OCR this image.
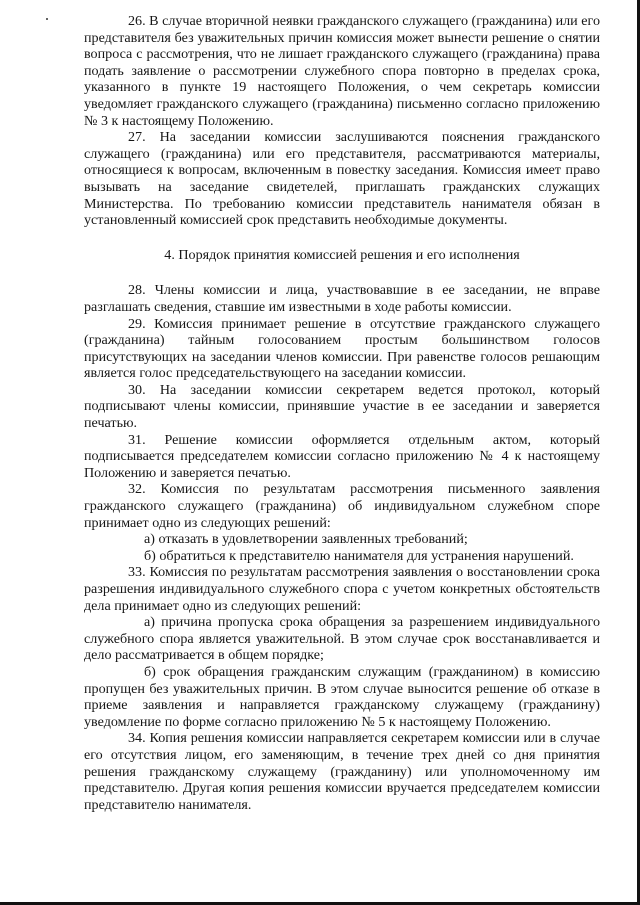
26. В случае вторичной неявки гражданского служащего (гражданина) или его представителя без уважительных причин комиссия может вынести решение о снятии вопроса с рассмотрения, что не лишает гражданского служащего (гражданина) права подать заявление о рассмотрении служебного спора повторно в пределах срока, указанного в пункте 19 настоящего Положения, о чем секретарь комиссии уведомляет гражданского служащего (гражданина) письменно согласно приложению № 3 к настоящему Положению.

27. На заседании комиссии заслушиваются пояснения гражданского служащего (гражданина) или его представителя, рассматриваются материалы, относящиеся к вопросам, включенным в повестку заседания. Комиссия имеет право вызывать на заседание свидетелей, приглашать гражданских служащих Министерства. По требованию комиссии представитель нанимателя обязан в установленный комиссией срок представить необходимые документы.

4. Порядок принятия комиссией решения и его исполнения

28. Члены комиссии и лица, участвовавшие в ее заседании, не вправе разглашать сведения, ставшие им известными в ходе работы комиссии.

29. Комиссия принимает решение в отсутствие гражданского служащего (гражданина) тайным голосованием простым большинством голосов присутствующих на заседании членов комиссии. При равенстве голосов решающим является голос председательствующего на заседании комиссии.

30. На заседании комиссии секретарем ведется протокол, который подписывают члены комиссии, принявшие участие в ее заседании и заверяется печатью.

31. Решение комиссии оформляется отдельным актом, который подписывается председателем комиссии согласно приложению № 4 к настоящему Положению и заверяется печатью.

32. Комиссия по результатам рассмотрения письменного заявления гражданского служащего (гражданина) об индивидуальном служебном споре принимает одно из следующих решений:

а) отказать в удовлетворении заявленных требований;

б) обратиться к представителю нанимателя для устранения нарушений.

33. Комиссия по результатам рассмотрения заявления о восстановлении срока разрешения индивидуального служебного спора с учетом конкретных обстоятельств дела принимает одно из следующих решений:

а) причина пропуска срока обращения за разрешением индивидуального служебного спора является уважительной. В этом случае срок восстанавливается и дело рассматривается в общем порядке;

б) срок обращения гражданским служащим (гражданином) в комиссию пропущен без уважительных причин. В этом случае выносится решение об отказе в приеме заявления и направляется гражданскому служащему (гражданину) уведомление по форме согласно приложению № 5 к настоящему Положению.

34. Копия решения комиссии направляется секретарем комиссии или в случае его отсутствия лицом, его заменяющим, в течение трех дней со дня принятия решения гражданскому служащему (гражданину) или уполномоченному им представителю. Другая копия решения комиссии вручается председателем комиссии представителю нанимателя.
